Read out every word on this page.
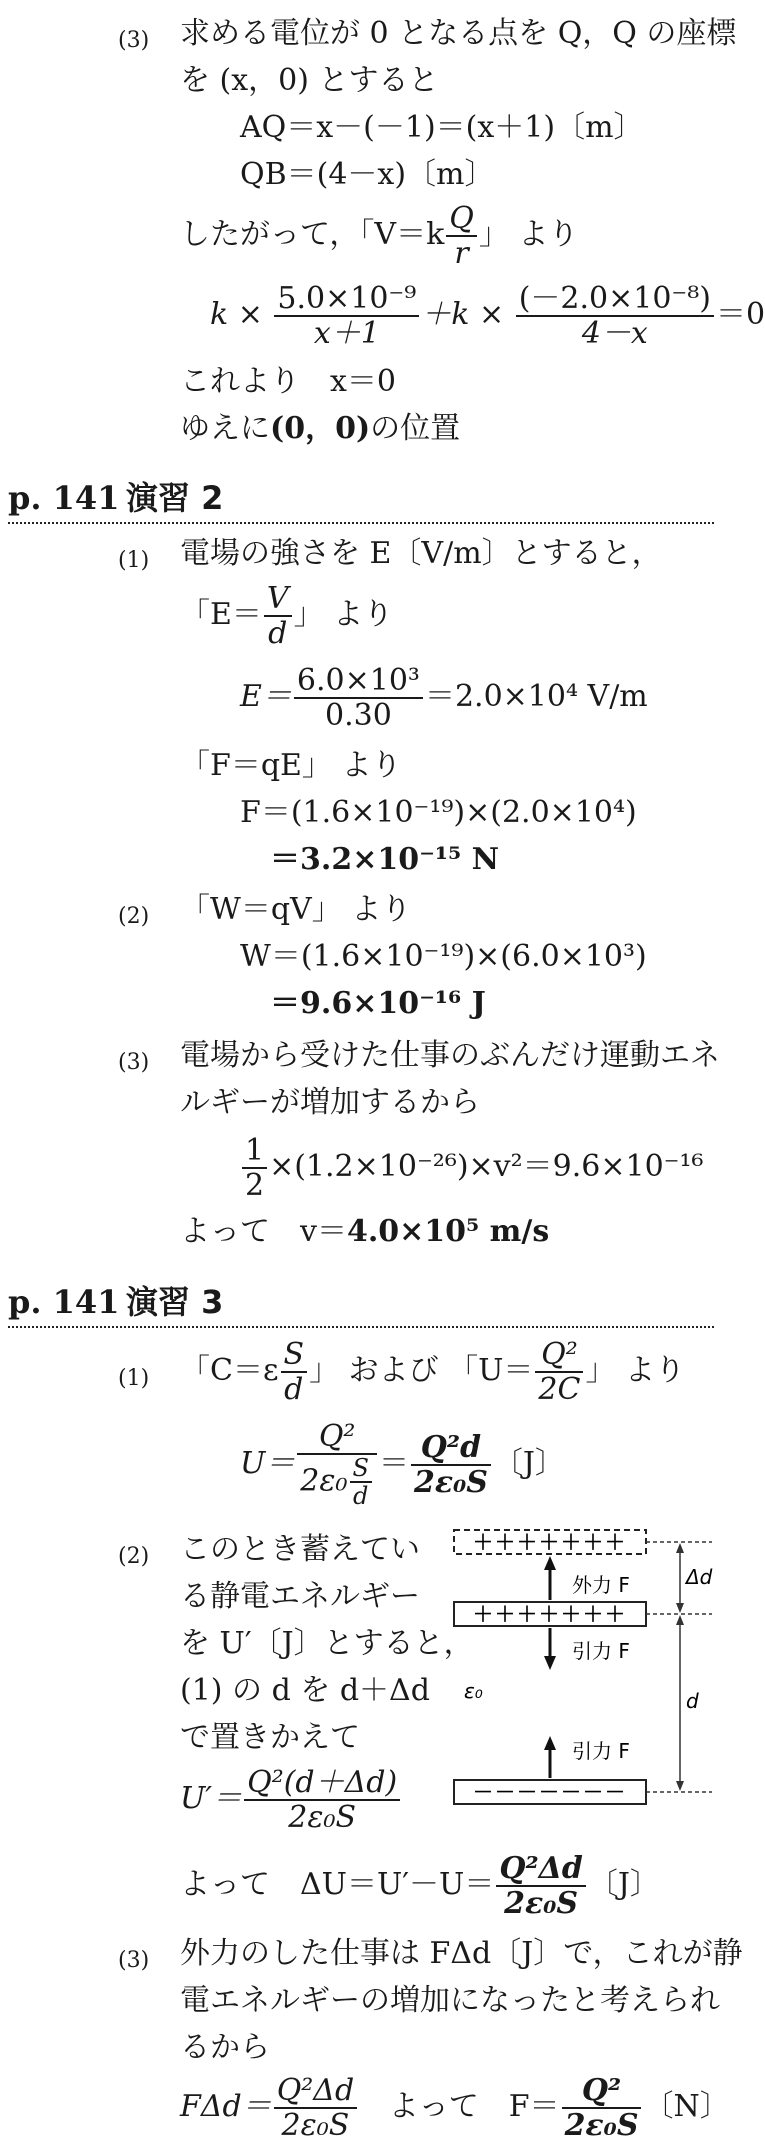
(3) 求める電位が 0 となる点を Q，Q の座標
を (x，0) とすると
AQ＝x－(－1)＝(x＋1)〔m〕
QB＝(4－x)〔m〕
したがって，「$V=k \frac{Q}{r}$ 」 より
$k \times \frac{\text{5.0×10⁻⁹}}{x+1} +k \times \frac{\text{(－2.0×10⁻⁸)}}{4-x} =0$
これより　x＝0
ゆえに(0，0)の位置
p. 141 演習 2
(1) 電場の強さを E〔V/m〕とすると，
「$E= \frac{V}{d}$ 」 より
$E= \frac{\text{6.0×10³}}{0.30} =2.0\times 10^4$ V/m
「F＝qE」 より
F＝(1.6×10⁻¹⁹)×(2.0×10⁴)
＝3.2×10⁻¹⁵ N
(2) 「W＝qV」 より
W＝(1.6×10⁻¹⁹)×(6.0×10³)
＝9.6×10⁻¹⁶ J
(3) 電場から受けた仕事のぶんだけ運動エネ
ルギーが増加するから
$\frac{1}{2} \times(1.2\times 10^{-26})\times v^2=9.6\times 10^{-16}$
よって　v＝4.0×10⁵ m/s
p. 141 演習 3
(1) 「$C=\varepsilon \frac{S}{d}$ 」 および 「$U= \frac{\text{Q²}}{2C}$ 」 より
$U= \frac{\text{Q²}}{2\varepsilon_0 \frac{S}{d}} = \frac{\text{Q²d}}{\text{2ε₀S}}$ 〔J〕
(2) このとき蓄えてい
る静電エネルギー
を U′〔J〕とすると，
(1) の d を d＋Δd
で置きかえて
$U'= \frac{\text{Q²(d＋Δd)}}{\text{2ε₀S}}$
＋＋＋＋＋＋＋
＋＋＋＋＋＋＋
－－－－－－－
外力 F
引力 F
引力 F
ε₀
Δd
d
よって　$\Delta U=U'-U= \frac{\text{Q²Δd}}{\text{2ε₀S}}$ 〔J〕
(3) 外力のした仕事は FΔd〔J〕で，これが静
電エネルギーの増加になったと考えられ
るから
$F\Delta d= \frac{\text{Q²Δd}}{\text{2ε₀S}}$ よって　$F= \frac{\text{Q²}}{\text{2ε₀S}}$ 〔N〕
